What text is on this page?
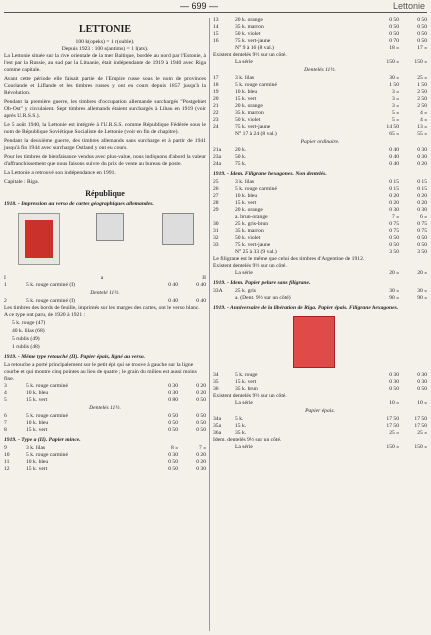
— 699 —	Lettonie
LETTONIE
100 k(opeks) = 1 r(ouble).
Depuis 1923 : 100 s(antims) = 1 l(ats).

La Lettonie située sur la rive orientale de la mer Baltique, bordée au nord par l'Estonie, à l'est par la Russie, au sud par la Lituanie, était indépendante de 1919 à 1940 avec Riga comme capitale.

Avant cette période elle faisait partie de l'Empire russe sous le nom de provinces Courlande et Liflande et les timbres russes y ont eu cours depuis 1857 jusqu'à la Révolution.

Pendant la première guerre, les timbres d'occupation allemande surchargés "Postgebiet Ob-Ost" y circulaient. Sept timbres allemands étaient surchargés à Libau en 1919 (voir après U.R.S.S.).

Le 5 août 1940, la Lettonie est intégrée à l'U.R.S.S. comme République Fédérée sous le nom de République Soviétique Socialiste de Lettonie (voir en fin de chapitre).

Pendant la deuxième guerre, des timbres allemands sans surcharge et à partir de 1941 jusqu'à fin 1944 avec surcharge Ostland y ont eu cours.

Pour les timbres de bienfaisance vendus avec plus-value, nous indiquons d'abord la valeur d'affranchissement que nous faisons suivre du prix de vente au bureau de poste.

La Lettonie a retrouvé son indépendance en 1991.

Capitale : Riga.

République
1918. - Impression au verso de cartes géographiques allemandes.
I	a	II
1	5 k. rouge carminé (I)	0 40	0 40
Dentelé 11½.
2	5 k. rouge carminé (I)	0 40	0 40
Les timbres des bords de feuille, imprimés sur les marges des cartes, ont le verso blanc.
A ce type ont paru, de 1920 à 1921 :
5 k. rouge (47)
40 k. lilas (68)
5 rublis (49)
1 rublis (48)
1919. - Même type retouché (II). Papier épais, ligné au verso.
La retouche a porté principalement sur le petit épi qui se trouve à gauche sur la ligne courbe et qui montre cinq pointes au lieu de quatre ; le grain du milieu est aussi moins fine.
3	5 k. rouge carminé	0 30	0 20
4	10 k. bleu	0 30	0 20
5	15 k. vert	0 80	0 50
Dentelés 11½.
6	5 k. rouge carminé	0 50	0 50
7	10 k. bleu	0 50	0 50
8	15 k. vert	0 50	0 50
1919. - Type a (II). Papier mince.
9	3 k. lilas	8 »	7 »
10	5 k. rouge carminé	0 30	0 20
11	10 k. bleu	0 50	0 20
12	15 k. vert	0 50	0 30
13	20 k. orange	0 50	0 50
14	35 k. marron	0 50	0 50
15	50 k. violet	0 50	0 50
16	75 k. vert-jaune	0 70	0 50
N° 9 à 16 (8 val.)	18 »	17 »
Existent dentelés 9½ sur un côté.
La série	150 »	150 »
Dentelés 11½.
17	3 k. lilas	30 »	25 »
18	5 k. rouge carminé	1 50	1 50
19	10 k. bleu	3 »	2 50
20	15 k. vert	3 »	2 50
21	20 k. orange	3 »	2 50
22	35 k. marron	5 »	4 »
23	50 k. violet	5 »	4 »
24	75 k. vert-jaune	14 50	13 »
N° 17 à 24 (8 val.)	65 »	55 »
Papier ordinaire.
21a	20 k.	0 40	0 30
23a	50 k.	0 40	0 30
24a	75 k.	0 40	0 20
1919. - Idem. Filigrane hexagones. Non dentelés.
25	3 k. lilas	0 15	0 15
26	5 k. rouge carminé	0 15	0 15
27	10 k. bleu	0 20	0 20
28	15 k. vert	0 20	0 20
29	20 k. orange	0 30	0 30
a. brun-orange	7 »	6 »
30	25 k. gris-brun	0 75	0 75
31	35 k. marron	0 75	0 75
32	50 k. violet	0 50	0 50
33	75 k. vert-jaune	0 50	0 50
N° 25 à 33 (9 val.)	3 50	3 50
Le filigrane est le même que celui des timbres d'Argentine de 1912.
Existent dentelés 9½ sur un côté.
La série	20 »	20 »
1919. - Idem. Papier pelure sans filigrane.
33A	25 k. gris	30 »	30 »
a. (Dent. 9½ sur un côté)	90 »	90 »
1919. - Anniversaire de la libération de Riga. Papier épais. Filigrane hexagones.
34	5 k. rouge	0 30	0 30
35	15 k. vert	0 30	0 30
36	35 k. brun	0 50	0 50
Existent dentelés 9½ sur un côté.
La série	10 »	10 »
Papier épais.
34a	5 k.	17 50	17 50
35a	15 k.	17 50	17 50
36a	35 k.	25 »	25 »
Idem. dentelés 9½ sur un côté.
La série	150 »	150 »
